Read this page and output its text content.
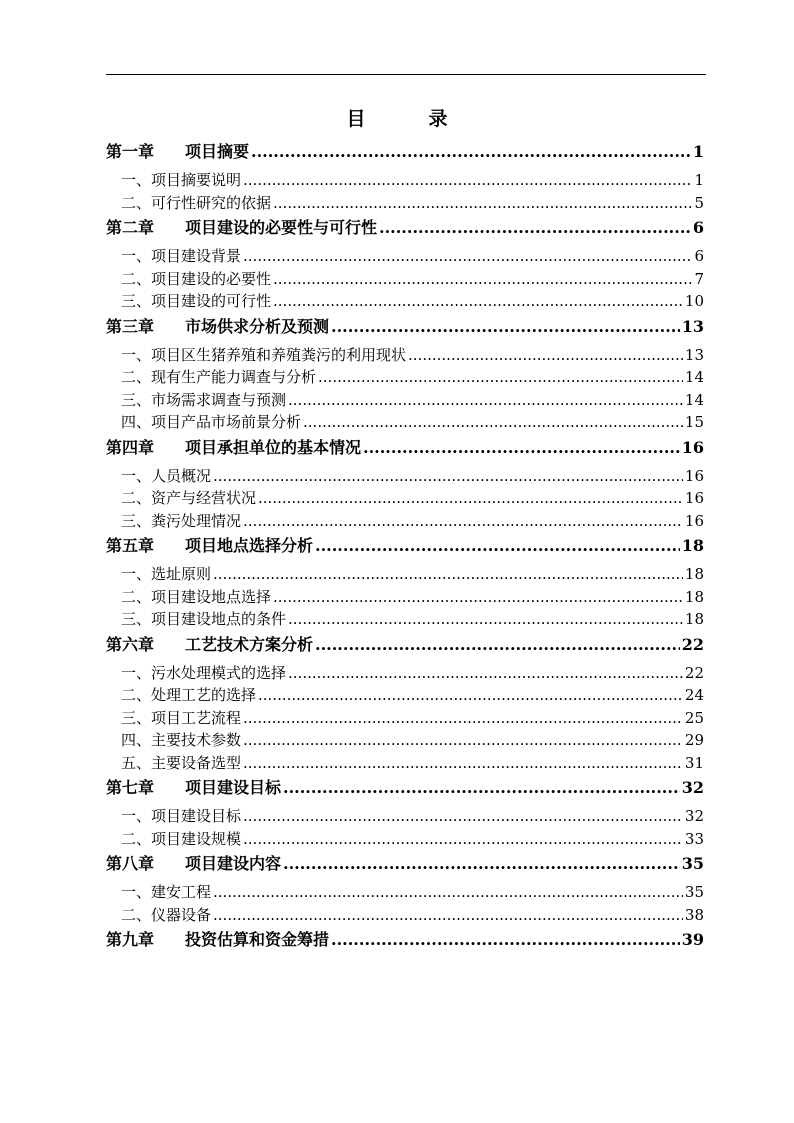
目　录
第一章	项目摘要 .....	1
一、项目摘要说明 .....	1
二、可行性研究的依据 .....	5
第二章	项目建设的必要性与可行性 .....	6
一、项目建设背景 .....	6
二、项目建设的必要性 .....	7
三、项目建设的可行性 .....	10
第三章	市场供求分析及预测 .....	13
一、项目区生猪养殖和养殖粪污的利用现状 .....	13
二、现有生产能力调查与分析 .....	14
三、市场需求调查与预测 .....	14
四、项目产品市场前景分析 .....	15
第四章	项目承担单位的基本情况 .....	16
一、人员概况 .....	16
二、资产与经营状况 .....	16
三、粪污处理情况 .....	16
第五章	项目地点选择分析 .....	18
一、选址原则 .....	18
二、项目建设地点选择 .....	18
三、项目建设地点的条件 .....	18
第六章	工艺技术方案分析 .....	22
一、污水处理模式的选择 .....	22
二、处理工艺的选择 .....	24
三、项目工艺流程 .....	25
四、主要技术参数 .....	29
五、主要设备选型 .....	31
第七章	项目建设目标 .....	32
一、项目建设目标 .....	32
二、项目建设规模 .....	33
第八章	项目建设内容 .....	35
一、建安工程 .....	35
二、仪器设备 .....	38
第九章	投资估算和资金筹措 .....	39
